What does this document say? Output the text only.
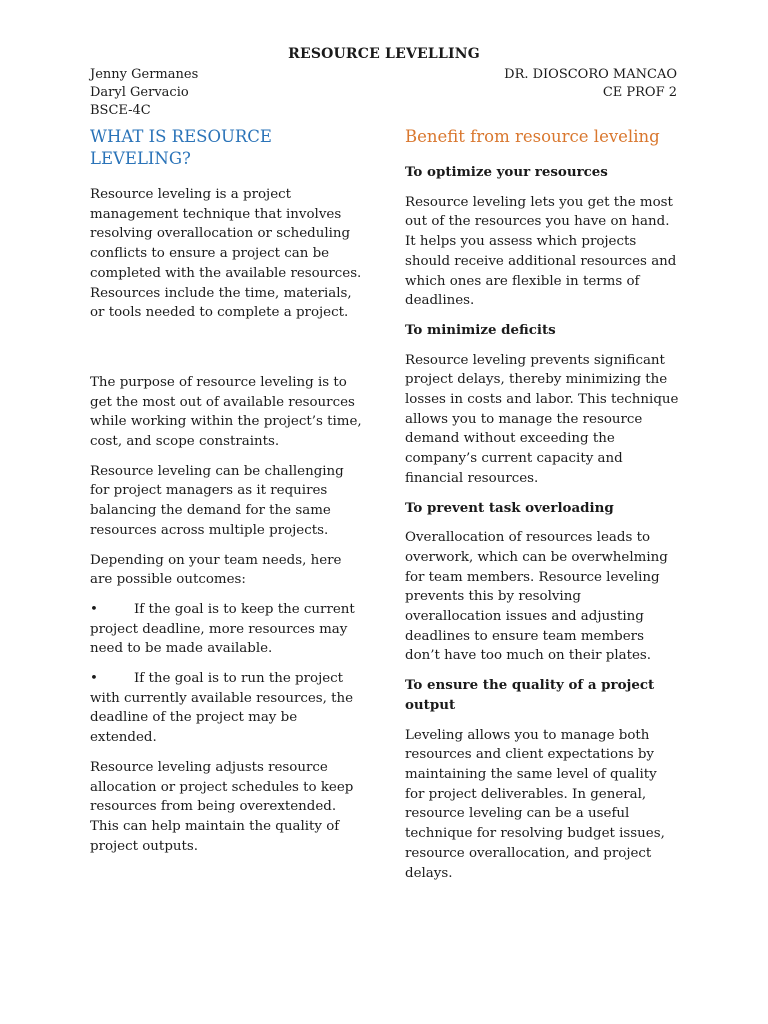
RESOURCE LEVELLING
Jenny Germanes
Daryl Gervacio
BSCE-4C
DR. DIOSCORO MANCAO
CE PROF 2
WHAT IS RESOURCE LEVELING?

Resource leveling is a project management technique that involves resolving overallocation or scheduling conflicts to ensure a project can be completed with the available resources. Resources include the time, materials, or tools needed to complete a project.

The purpose of resource leveling is to get the most out of available resources while working within the project’s time, cost, and scope constraints.

Resource leveling can be challenging for project managers as it requires balancing the demand for the same resources across multiple projects.

Depending on your team needs, here are possible outcomes:

•	If the goal is to keep the current project deadline, more resources may need to be made available.
•	If the goal is to run the project with currently available resources, the deadline of the project may be extended.

Resource leveling adjusts resource allocation or project schedules to keep resources from being overextended. This can help maintain the quality of project outputs.

Benefit from resource leveling
To optimize your resources

Resource leveling lets you get the most out of the resources you have on hand. It helps you assess which projects should receive additional resources and which ones are flexible in terms of deadlines.

To minimize deficits

Resource leveling prevents significant project delays, thereby minimizing the losses in costs and labor. This technique allows you to manage the resource demand without exceeding the company’s current capacity and financial resources.

To prevent task overloading

Overallocation of resources leads to overwork, which can be overwhelming for team members. Resource leveling prevents this by resolving overallocation issues and adjusting deadlines to ensure team members don’t have too much on their plates.

To ensure the quality of a project output

Leveling allows you to manage both resources and client expectations by maintaining the same level of quality for project deliverables. In general, resource leveling can be a useful technique for resolving budget issues, resource overallocation, and project delays.
